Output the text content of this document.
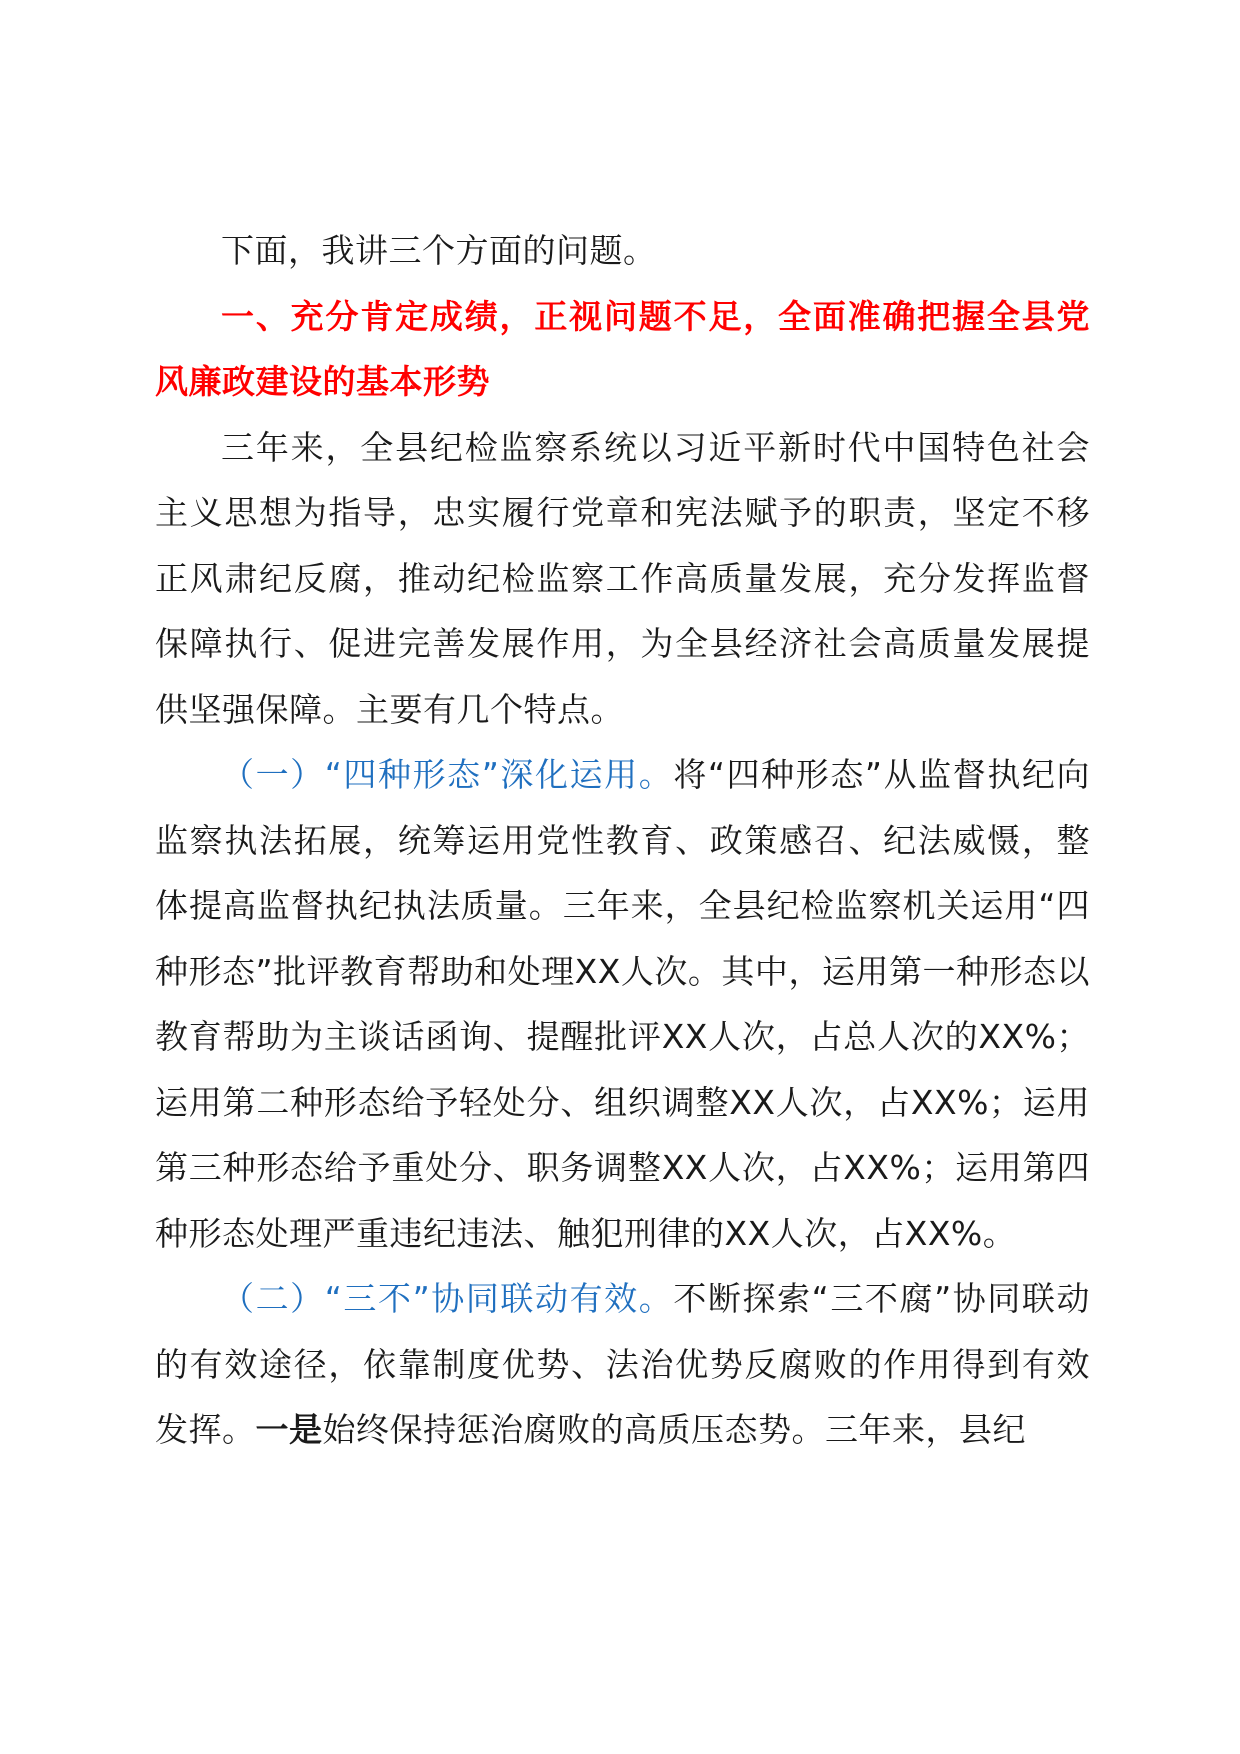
下面，我讲三个方面的问题。

一、充分肯定成绩，正视问题不足，全面准确把握全县党风廉政建设的基本形势

三年来，全县纪检监察系统以习近平新时代中国特色社会主义思想为指导，忠实履行党章和宪法赋予的职责，坚定不移正风肃纪反腐，推动纪检监察工作高质量发展，充分发挥监督保障执行、促进完善发展作用，为全县经济社会高质量发展提供坚强保障。主要有几个特点。

（一）“四种形态”深化运用。将“四种形态”从监督执纪向监察执法拓展，统筹运用党性教育、政策感召、纪法威慑，整体提高监督执纪执法质量。三年来，全县纪检监察机关运用“四种形态”批评教育帮助和处理XX人次。其中，运用第一种形态以教育帮助为主谈话函询、提醒批评XX人次，占总人次的XX%；运用第二种形态给予轻处分、组织调整XX人次，占XX%；运用第三种形态给予重处分、职务调整XX人次，占XX%；运用第四种形态处理严重违纪违法、触犯刑律的XX人次，占XX%。

（二）“三不”协同联动有效。不断探索“三不腐”协同联动的有效途径，依靠制度优势、法治优势反腐败的作用得到有效发挥。一是始终保持惩治腐败的高质压态势。三年来，县纪
